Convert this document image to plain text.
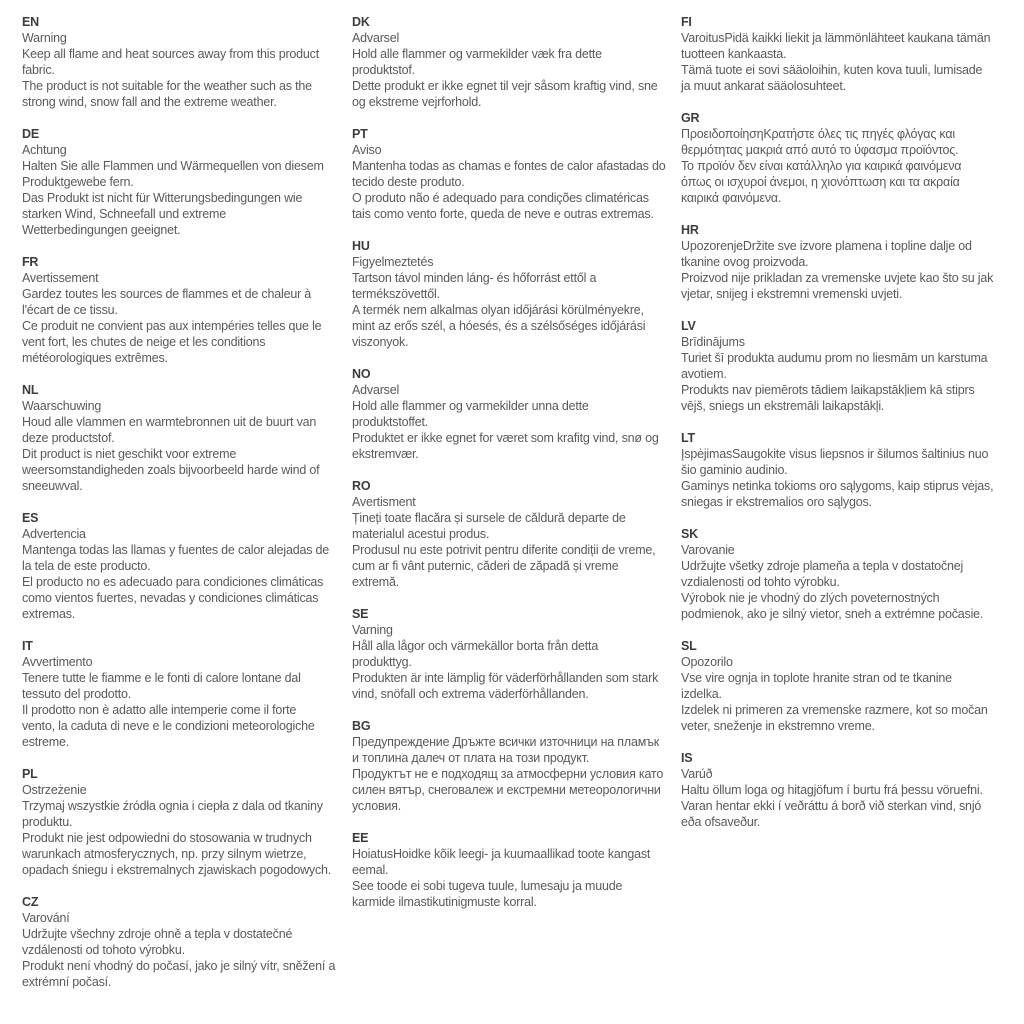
EN
Warning
Keep all flame and heat sources away from this product
fabric.
The product is not suitable for the weather such as the
strong wind, snow fall and the extreme weather.
DE
Achtung
Halten Sie alle Flammen und Wärmequellen von diesem
Produktgewebe fern.
Das Produkt ist nicht für Witterungsbedingungen wie
starken Wind, Schneefall und extreme
Wetterbedingungen geeignet.
FR
Avertissement
Gardez toutes les sources de flammes et de chaleur à
l'écart de ce tissu.
Ce produit ne convient pas aux intempéries telles que le
vent fort, les chutes de neige et les conditions
météorologiques extrêmes.
NL
Waarschuwing
Houd alle vlammen en warmtebronnen uit de buurt van
deze productstof.
Dit product is niet geschikt voor extreme
weersomstandigheden zoals bijvoorbeeld harde wind of
sneeuwval.
ES
Advertencia
Mantenga todas las llamas y fuentes de calor alejadas de
la tela de este producto.
El producto no es adecuado para condiciones climáticas
como vientos fuertes, nevadas y condiciones climáticas
extremas.
IT
Avvertimento
Tenere tutte le fiamme e le fonti di calore lontane dal
tessuto del prodotto.
Il prodotto non è adatto alle intemperie come il forte
vento, la caduta di neve e le condizioni meteorologiche
estreme.
PL
Ostrzeżenie
Trzymaj wszystkie źródła ognia i ciepła z dala od tkaniny
produktu.
Produkt nie jest odpowiedni do stosowania w trudnych
warunkach atmosferycznych, np. przy silnym wietrze,
opadach śniegu i ekstremalnych zjawiskach pogodowych.
CZ
Varování
Udržujte všechny zdroje ohně a tepla v dostatečné
vzdálenosti od tohoto výrobku.
Produkt není vhodný do počasí, jako je silný vítr, sněžení a
extrémní počasí.
DK
Advarsel
Hold alle flammer og varmekilder væk fra dette
produktstof.
Dette produkt er ikke egnet til vejr såsom kraftig vind, sne
og ekstreme vejrforhold.
PT
Aviso
Mantenha todas as chamas e fontes de calor afastadas do
tecido deste produto.
O produto não é adequado para condições climatéricas
tais como vento forte, queda de neve e outras extremas.
HU
Figyelmeztetés
Tartson távol minden láng- és hőforrást ettől a
termékszövettől.
A termék nem alkalmas olyan időjárási körülményekre,
mint az erős szél, a hóesés, és a szélsőséges időjárási
viszonyok.
NO
Advarsel
Hold alle flammer og varmekilder unna dette
produktstoffet.
Produktet er ikke egnet for været som krafitg vind, snø og
ekstremvær.
RO
Avertisment
Țineți toate flacăra și sursele de căldură departe de
materialul acestui produs.
Produsul nu este potrivit pentru diferite condiții de vreme,
cum ar fi vânt puternic, căderi de zăpadă și vreme
extremă.
SE
Varning
Håll alla lågor och värmekällor borta från detta
produkttyg.
Produkten är inte lämplig för väderförhållanden som stark
vind, snöfall och extrema väderförhållanden.
BG
Предупреждение Дръжте всички източници на пламък
и топлина далеч от плата на този продукт.
Продуктът не е подходящ за атмосферни условия като
силен вятър, снеговалеж и екстремни метеорологични
условия.
EE
HoiatusHoidke kõik leegi- ja kuumaallikad toote kangast
eemal.
See toode ei sobi tugeva tuule, lumesaju ja muude
karmide ilmastikutinigmuste korral.
FI
VaroitusPidä kaikki liekit ja lämmönlähteet kaukana tämän
tuotteen kankaasta.
Tämä tuote ei sovi sääoloihin, kuten kova tuuli, lumisade
ja muut ankarat sääolosuhteet.
GR
ΠροειδοποίησηΚρατήστε όλες τις πηγές φλόγας και
θερμότητας μακριά από αυτό το ύφασμα προϊόντος.
Το προϊόν δεν είναι κατάλληλο για καιρικά φαινόμενα
όπως οι ισχυροί άνεμοι, η χιονόπτωση και τα ακραία
καιρικά φαινόμενα.
HR
UpozorenjeDržite sve izvore plamena i topline dalje od
tkanine ovog proizvoda.
Proizvod nije prikladan za vremenske uvjete kao što su jak
vjetar, snijeg i ekstremni vremenski uvjeti.
LV
Brīdinājums
Turiet šī produkta audumu prom no liesmām un karstuma
avotiem.
Produkts nav piemērots tādiem laikapstākļiem kā stiprs
vējš, sniegs un ekstremāli laikapstākļi.
LT
ĮspėjimasSaugokite visus liepsnos ir šilumos šaltinius nuo
šio gaminio audinio.
Gaminys netinka tokioms oro sąlygoms, kaip stiprus vėjas,
sniegas ir ekstremalios oro sąlygos.
SK
Varovanie
Udržujte všetky zdroje plameňa a tepla v dostatočnej
vzdialenosti od tohto výrobku.
Výrobok nie je vhodný do zlých poveternostných
podmienok, ako je silný vietor, sneh a extrémne počasie.
SL
Opozorilo
Vse vire ognja in toplote hranite stran od te tkanine
izdelka.
Izdelek ni primeren za vremenske razmere, kot so močan
veter, sneženje in ekstremno vreme.
IS
Varúð
Haltu öllum loga og hitagjöfum í burtu frá þessu vöruefni.
Varan hentar ekki í veðráttu á borð við sterkan vind, snjó
eða ofsaveður.
